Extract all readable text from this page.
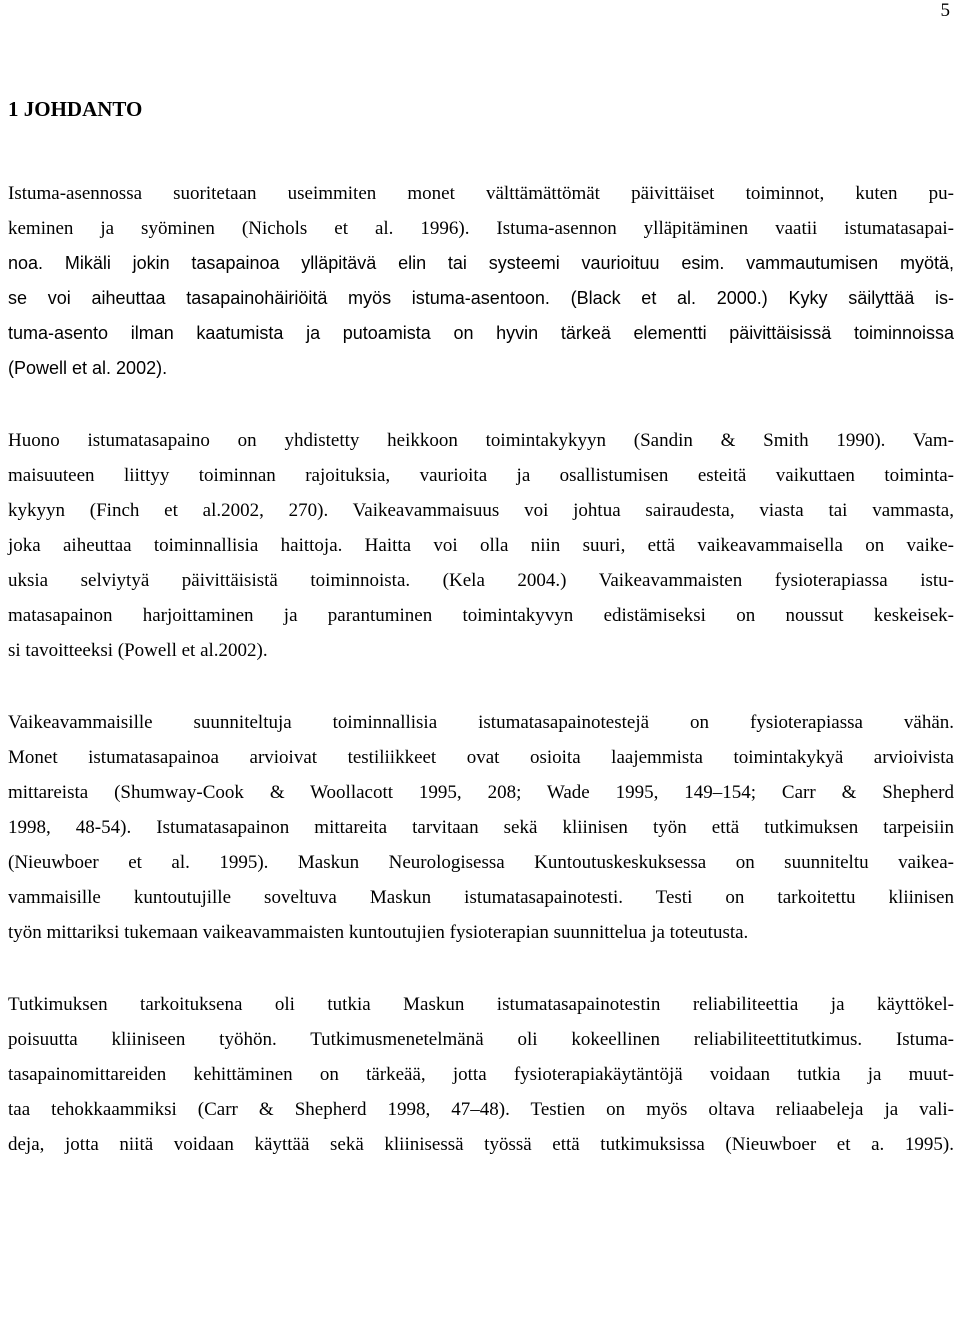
5
1 JOHDANTO

Istuma-asennossa suoritetaan useimmiten monet välttämättömät päivittäiset toiminnot, kuten pu-
keminen ja syöminen (Nichols et al. 1996). Istuma-asennon ylläpitäminen vaatii istumatasapai-
noa. Mikäli jokin tasapainoa ylläpitävä elin tai systeemi vaurioituu esim. vammautumisen myötä,
se voi aiheuttaa tasapainohäiriöitä myös istuma-asentoon. (Black et al. 2000.) Kyky säilyttää is-
tuma-asento ilman kaatumista ja putoamista on hyvin tärkeä elementti päivittäisissä toiminnoissa
(Powell et al. 2002).

Huono istumatasapaino on yhdistetty heikkoon toimintakykyyn (Sandin & Smith 1990). Vam-
maisuuteen liittyy toiminnan rajoituksia, vaurioita ja osallistumisen esteitä vaikuttaen toiminta-
kykyyn (Finch et al.2002, 270). Vaikeavammaisuus voi johtua sairaudesta, viasta tai vammasta,
joka aiheuttaa toiminnallisia haittoja. Haitta voi olla niin suuri, että vaikeavammaisella on vaike-
uksia selviytyä päivittäisistä toiminnoista. (Kela 2004.) Vaikeavammaisten fysioterapiassa istu-
matasapainon harjoittaminen ja parantuminen toimintakyvyn edistämiseksi on noussut keskeisek-
si tavoitteeksi (Powell et al.2002).

Vaikeavammaisille suunniteltuja toiminnallisia istumatasapainotestejä on fysioterapiassa vähän.
Monet istumatasapainoa arvioivat testiliikkeet ovat osioita laajemmista toimintakykyä arvioivista
mittareista (Shumway-Cook & Woollacott 1995, 208; Wade 1995, 149–154; Carr & Shepherd
1998, 48-54). Istumatasapainon mittareita tarvitaan sekä kliinisen työn että tutkimuksen tarpeisiin
(Nieuwboer et al. 1995). Maskun Neurologisessa Kuntoutuskeskuksessa on suunniteltu vaikea-
vammaisille kuntoutujille soveltuva Maskun istumatasapainotesti. Testi on tarkoitettu kliinisen
työn mittariksi tukemaan vaikeavammaisten kuntoutujien fysioterapian suunnittelua ja toteutusta.

Tutkimuksen tarkoituksena oli tutkia Maskun istumatasapainotestin reliabiliteettia ja käyttökel-
poisuutta kliiniseen työhön. Tutkimusmenetelmänä oli kokeellinen reliabiliteettitutkimus. Istuma-
tasapainomittareiden kehittäminen on tärkeää, jotta fysioterapiakäytäntöjä voidaan tutkia ja muut-
taa tehokkaammiksi (Carr & Shepherd 1998, 47–48). Testien on myös oltava reliaabeleja ja vali-
deja, jotta niitä voidaan käyttää sekä kliinisessä työssä että tutkimuksissa (Nieuwboer et a. 1995).
